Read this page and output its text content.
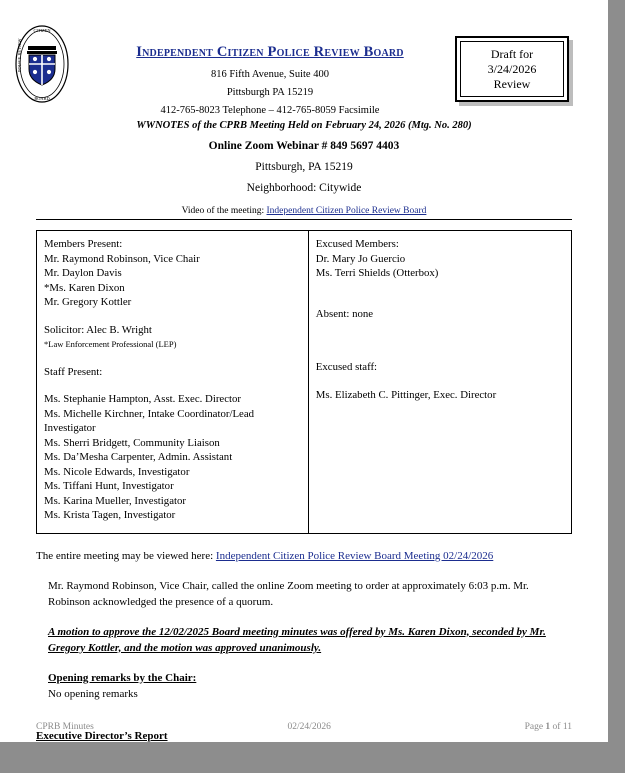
CITIZEN
POLICE REVIEW
BOARD
Independent Citizen Police Review Board
816 Fifth Avenue, Suite 400
Pittsburgh PA 15219
412-765-8023 Telephone – 412-765-8059 Facsimile
Draft for
3/24/2026
Review
WWNOTES of the CPRB Meeting Held on February 24, 2026 (Mtg. No. 280)
Online Zoom Webinar # 849 5697 4403
Pittsburgh, PA 15219
Neighborhood: Citywide
Video of the meeting: Independent Citizen Police Review Board
Members Present:
Mr. Raymond Robinson, Vice Chair
Mr. Daylon Davis
*Ms. Karen Dixon
Mr. Gregory Kottler
Solicitor: Alec B. Wright
*Law Enforcement Professional (LEP)
Staff Present:
Ms. Stephanie Hampton, Asst. Exec. Director
Ms. Michelle Kirchner, Intake Coordinator/Lead Investigator
Ms. Sherri Bridgett, Community Liaison
Ms. Da’Mesha Carpenter, Admin. Assistant
Ms. Nicole Edwards, Investigator
Ms. Tiffani Hunt, Investigator
Ms. Karina Mueller, Investigator
Ms. Krista Tagen, Investigator

Excused Members:
Dr. Mary Jo Guercio
Ms. Terri Shields (Otterbox)
Absent: none
Excused staff:
Ms. Elizabeth C. Pittinger, Exec. Director
The entire meeting may be viewed here: Independent Citizen Police Review Board Meeting 02/24/2026
Mr. Raymond Robinson, Vice Chair, called the online Zoom meeting to order at approximately 6:03 p.m. Mr. Robinson acknowledged the presence of a quorum.
A motion to approve the 12/02/2025 Board meeting minutes was offered by Ms. Karen Dixon, seconded by Mr. Gregory Kottler, and the motion was approved unanimously.
Opening remarks by the Chair:
No opening remarks
Executive Director’s Report
CPRB Minutes	02/24/2026	Page 1 of 11
